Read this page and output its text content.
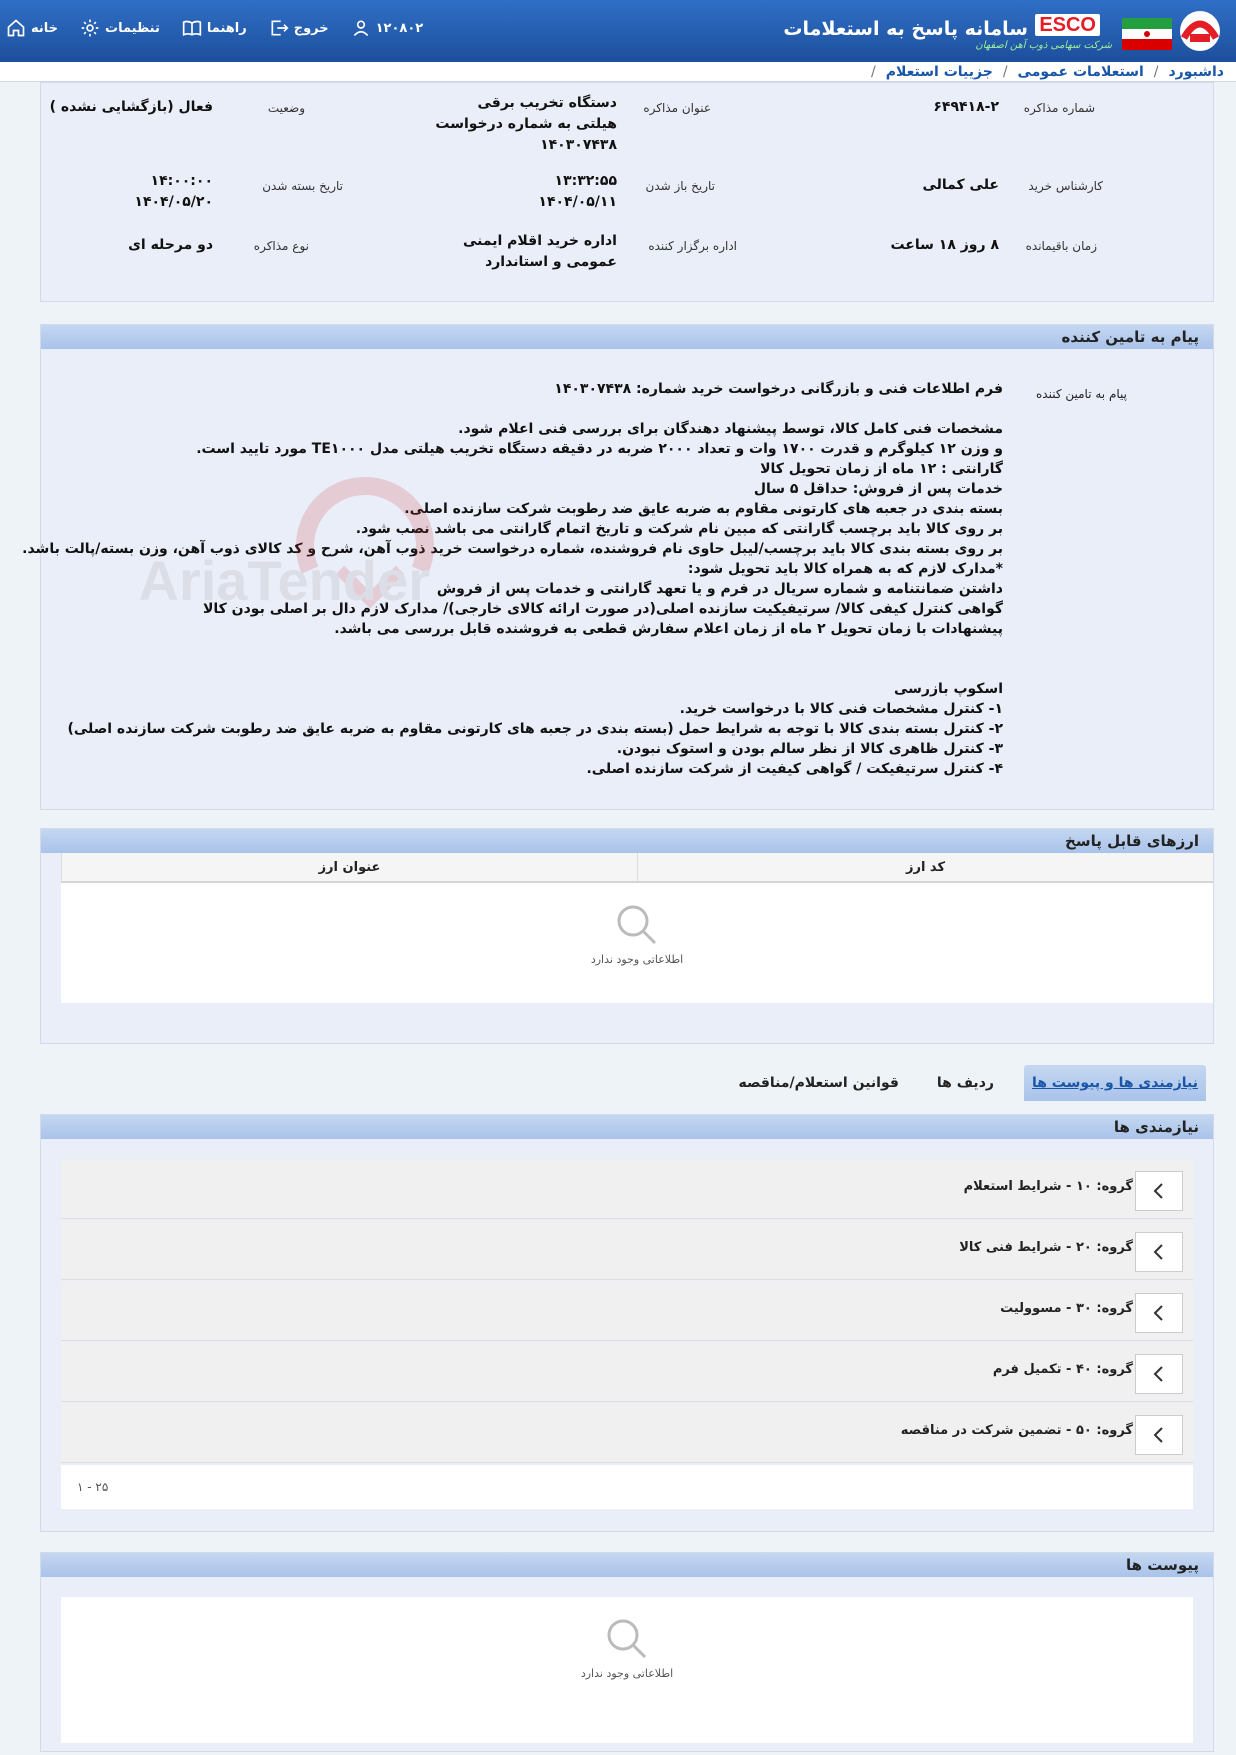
ESCO
شرکت سهامی ذوب آهن اصفهان
سامانه پاسخ به استعلامات
خانه	تنظیمات	راهنما	خروج	۱۲۰۸۰۲
داشبورد
/
استعلامات عمومی
/
جزییات استعلام
/
شماره مذاکره
۶۴۹۴۱۸-۲
عنوان مذاکره
دستگاه تخریب برقی
هیلتی به شماره درخواست
۱۴۰۳۰۷۴۳۸
وضعیت
فعال (بازگشایی نشده )
کارشناس خرید
علی کمالی
تاریخ باز شدن
۱۳:۳۲:۵۵
۱۴۰۴/۰۵/۱۱
تاریخ بسته شدن
۱۴:۰۰:۰۰
۱۴۰۴/۰۵/۲۰
زمان باقیمانده
۸ روز ۱۸ ساعت
اداره برگزار کننده
اداره خرید اقلام ایمنی
عمومی و استاندارد
نوع مذاکره
دو مرحله ای
پیام به تامین کننده
پیام به تامین کننده
فرم اطلاعات فنی و بازرگانی درخواست خرید شماره: ۱۴۰۳۰۷۴۳۸

مشخصات فنی کامل کالا، توسط پیشنهاد دهندگان برای بررسی فنی اعلام شود.
و وزن ۱۲ کیلوگرم و قدرت ۱۷۰۰ وات و تعداد ۲۰۰۰ ضربه در دقیقه دستگاه تخریب هیلتی مدل TE۱۰۰۰ مورد تایید است.
گارانتی : ۱۲ ماه از زمان تحویل کالا
خدمات پس از فروش: حداقل ۵ سال
بسته بندی در جعبه های کارتونی مقاوم به ضربه عایق ضد رطوبت شرکت سازنده اصلی.
بر روی کالا باید برچسب گارانتی که مبین نام شرکت و تاریخ اتمام گارانتی می باشد نصب شود.
بر روی بسته بندی کالا باید برچسب/لیبل حاوی نام فروشنده، شماره درخواست خرید ذوب آهن، شرح و کد کالای ذوب آهن، وزن بسته/پالت باشد.
*مدارک لازم که به همراه کالا باید تحویل شود:
داشتن ضمانتنامه و شماره سریال در فرم و یا تعهد گارانتی و خدمات پس از فروش
گواهی کنترل کیفی کالا/ سرتیفیکیت سازنده اصلی(در صورت ارائه کالای خارجی)/ مدارک لازم دال بر اصلی بودن کالا
پیشنهادات با زمان تحویل ۲ ماه از زمان اعلام سفارش قطعی به فروشنده قابل بررسی می باشد.

اسکوپ بازرسی
۱- کنترل مشخصات فنی کالا با درخواست خرید.
۲- کنترل بسته بندی کالا با توجه به شرایط حمل (بسته بندی در جعبه های کارتونی مقاوم به ضربه عایق ضد رطوبت شرکت سازنده اصلی)
۳- کنترل ظاهری کالا از نظر سالم بودن و استوک نبودن.
۴- کنترل سرتیفیکت / گواهی کیفیت از شرکت سازنده اصلی.
AriaTender
ارزهای قابل پاسخ
کد ارز
عنوان ارز
اطلاعاتی وجود ندارد
نیازمندی ها و پیوست ها
ردیف ها
قوانین استعلام/مناقصه
نیازمندی ها
گروه: ۱۰ - شرایط استعلام
گروه: ۲۰ - شرایط فنی کالا
گروه: ۳۰ - مسوولیت
گروه: ۴۰ - تکمیل فرم
گروه: ۵۰ - تضمین شرکت در مناقصه
۱ - ۲۵
پیوست ها
اطلاعاتی وجود ندارد
